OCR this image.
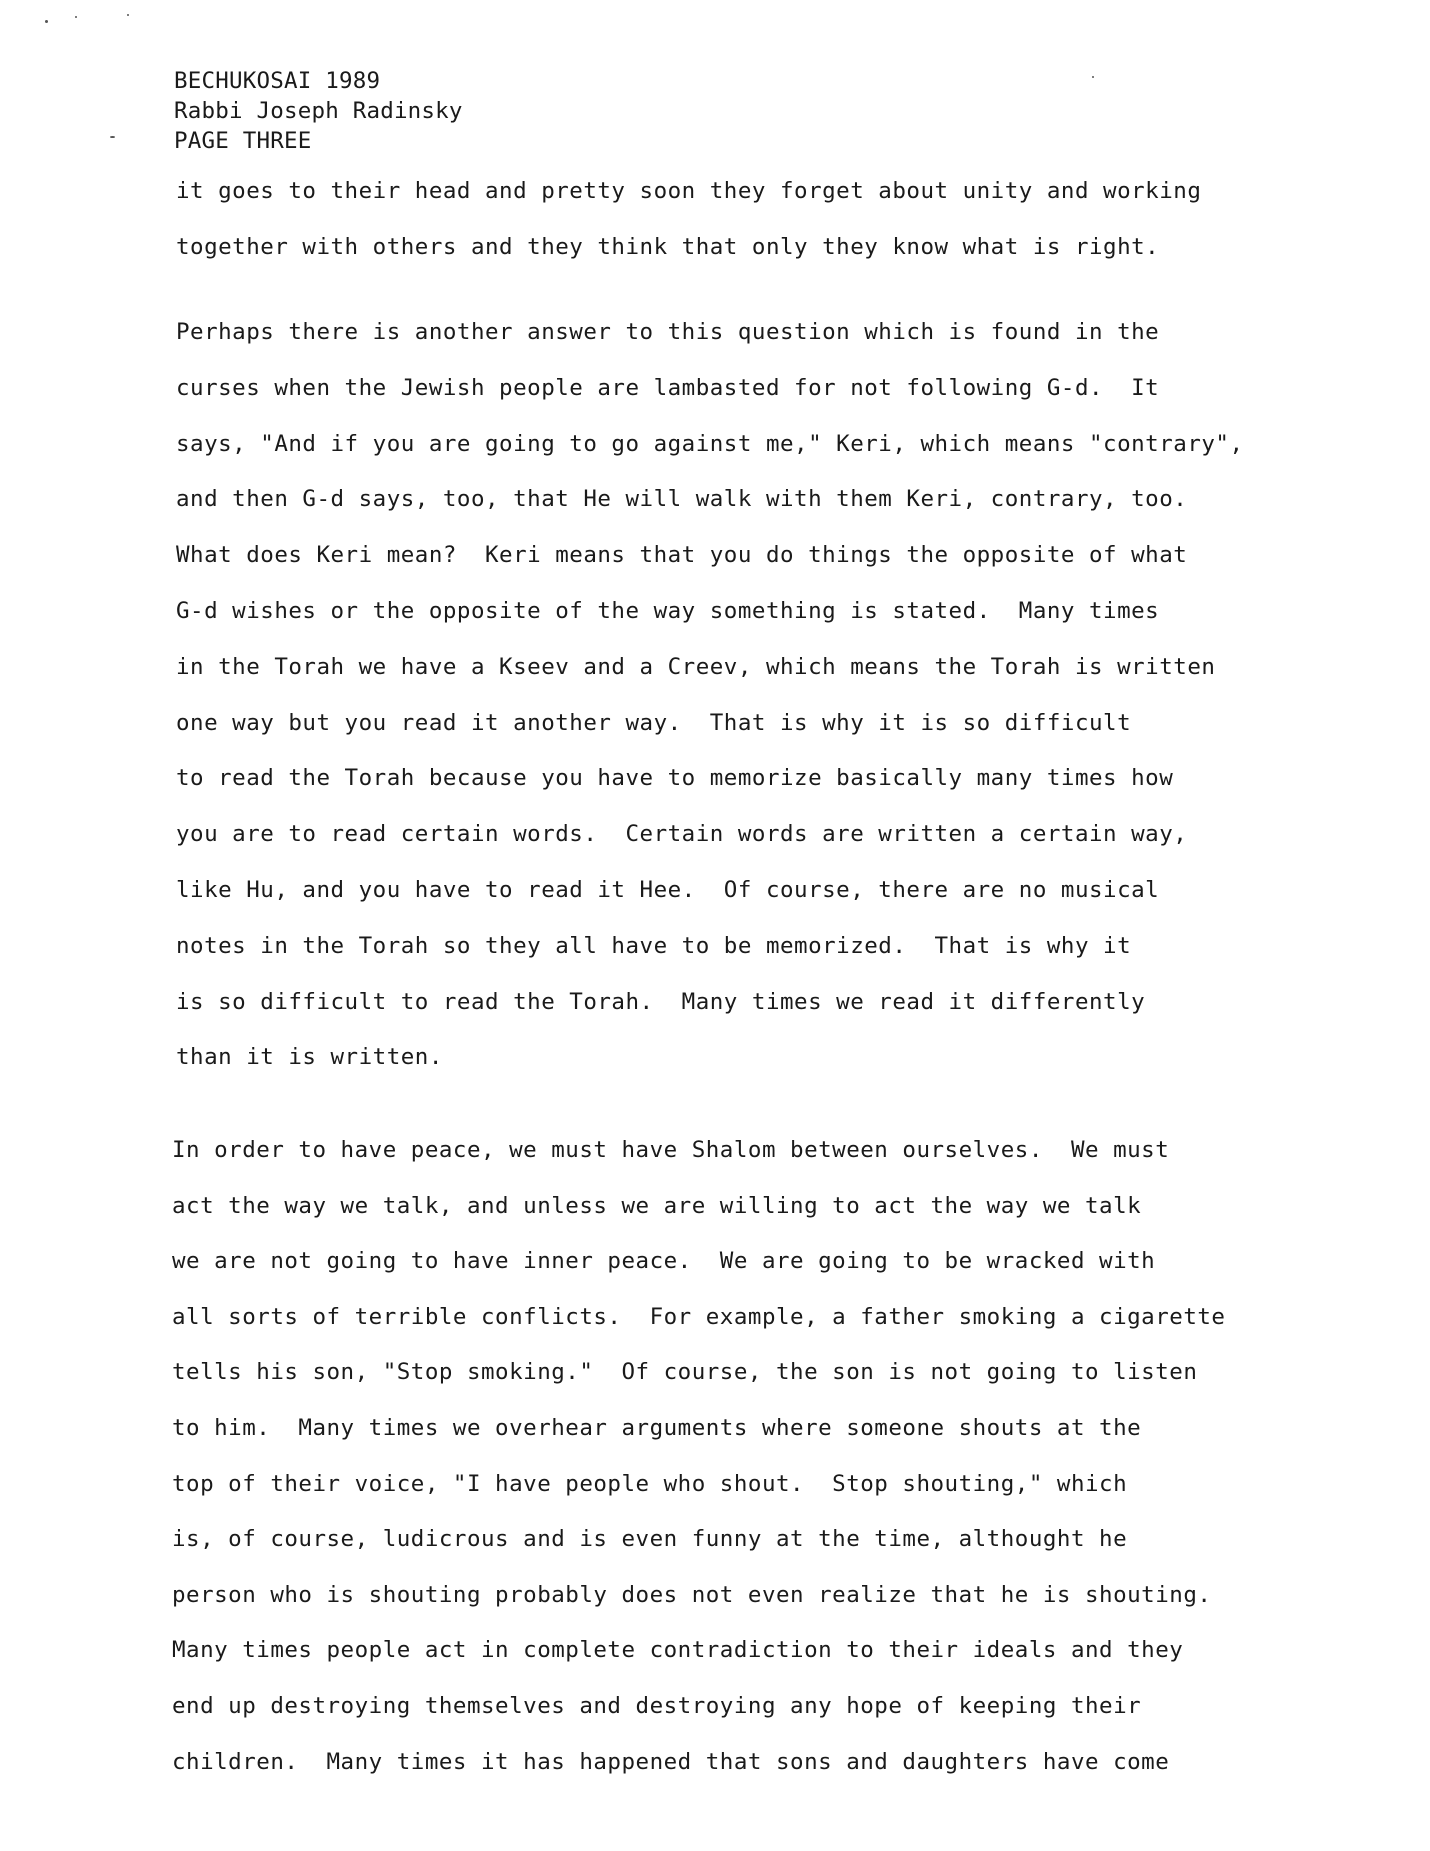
BECHUKOSAI 1989
Rabbi Joseph Radinsky
PAGE THREE
it goes to their head and pretty soon they forget about unity and working
together with others and they think that only they know what is right.
Perhaps there is another answer to this question which is found in the
curses when the Jewish people are lambasted for not following G-d.  It
says, "And if you are going to go against me," Keri, which means "contrary",
and then G-d says, too, that He will walk with them Keri, contrary, too.
What does Keri mean?  Keri means that you do things the opposite of what
G-d wishes or the opposite of the way something is stated.  Many times
in the Torah we have a Kseev and a Creev, which means the Torah is written
one way but you read it another way.  That is why it is so difficult
to read the Torah because you have to memorize basically many times how
you are to read certain words.  Certain words are written a certain way,
like Hu, and you have to read it Hee.  Of course, there are no musical
notes in the Torah so they all have to be memorized.  That is why it
is so difficult to read the Torah.  Many times we read it differently
than it is written.
In order to have peace, we must have Shalom between ourselves.  We must
act the way we talk, and unless we are willing to act the way we talk
we are not going to have inner peace.  We are going to be wracked with
all sorts of terrible conflicts.  For example, a father smoking a cigarette
tells his son, "Stop smoking."  Of course, the son is not going to listen
to him.  Many times we overhear arguments where someone shouts at the
top of their voice, "I have people who shout.  Stop shouting," which
is, of course, ludicrous and is even funny at the time, althought he
person who is shouting probably does not even realize that he is shouting.
Many times people act in complete contradiction to their ideals and they
end up destroying themselves and destroying any hope of keeping their
children.  Many times it has happened that sons and daughters have come
